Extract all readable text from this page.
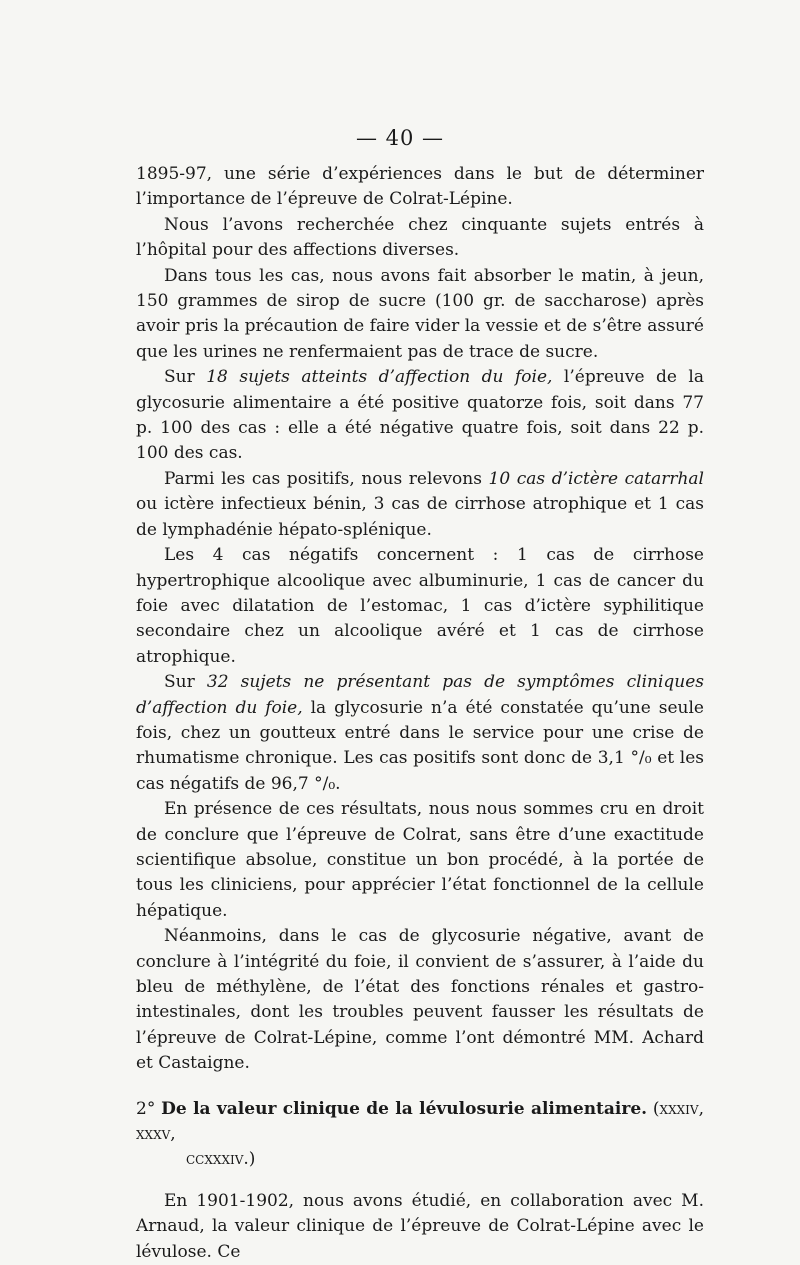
— 40 —

1895-97, une série d’expériences dans le but de déterminer l’importance de l’épreuve de Colrat-Lépine.

Nous l’avons recherchée chez cinquante sujets entrés à l’hôpital pour des affections diverses.

Dans tous les cas, nous avons fait absorber le matin, à jeun, 150 grammes de sirop de sucre (100 gr. de saccharose) après avoir pris la précaution de faire vider la vessie et de s’être assuré que les urines ne renfermaient pas de trace de sucre.

Sur 18 sujets atteints d’affection du foie, l’épreuve de la glycosurie alimentaire a été positive quatorze fois, soit dans 77 p. 100 des cas : elle a été négative quatre fois, soit dans 22 p. 100 des cas.

Parmi les cas positifs, nous relevons 10 cas d’ictère catarrhal ou ictère infectieux bénin, 3 cas de cirrhose atrophique et 1 cas de lymphadénie hépato-splénique.

Les 4 cas négatifs concernent : 1 cas de cirrhose hypertrophique alcoolique avec albuminurie, 1 cas de cancer du foie avec dilatation de l’estomac, 1 cas d’ictère syphilitique secondaire chez un alcoolique avéré et 1 cas de cirrhose atrophique.

Sur 32 sujets ne présentant pas de symptômes cliniques d’affection du foie, la glycosurie n’a été constatée qu’une seule fois, chez un goutteux entré dans le service pour une crise de rhumatisme chronique. Les cas positifs sont donc de 3,1 °/₀ et les cas négatifs de 96,7 °/₀.

En présence de ces résultats, nous nous sommes cru en droit de conclure que l’épreuve de Colrat, sans être d’une exactitude scientifique absolue, constitue un bon procédé, à la portée de tous les cliniciens, pour apprécier l’état fonctionnel de la cellule hépatique.

Néanmoins, dans le cas de glycosurie négative, avant de conclure à l’intégrité du foie, il convient de s’assurer, à l’aide du bleu de méthylène, de l’état des fonctions rénales et gastro-intestinales, dont les troubles peuvent fausser les résultats de l’épreuve de Colrat-Lépine, comme l’ont démontré MM. Achard et Castaigne.

2° De la valeur clinique de la lévulosurie alimentaire. (xxxiv, xxxv,

ccxxxiv.)

En 1901-1902, nous avons étudié, en collaboration avec M. Arnaud, la valeur clinique de l’épreuve de Colrat-Lépine avec le lévulose. Ce
